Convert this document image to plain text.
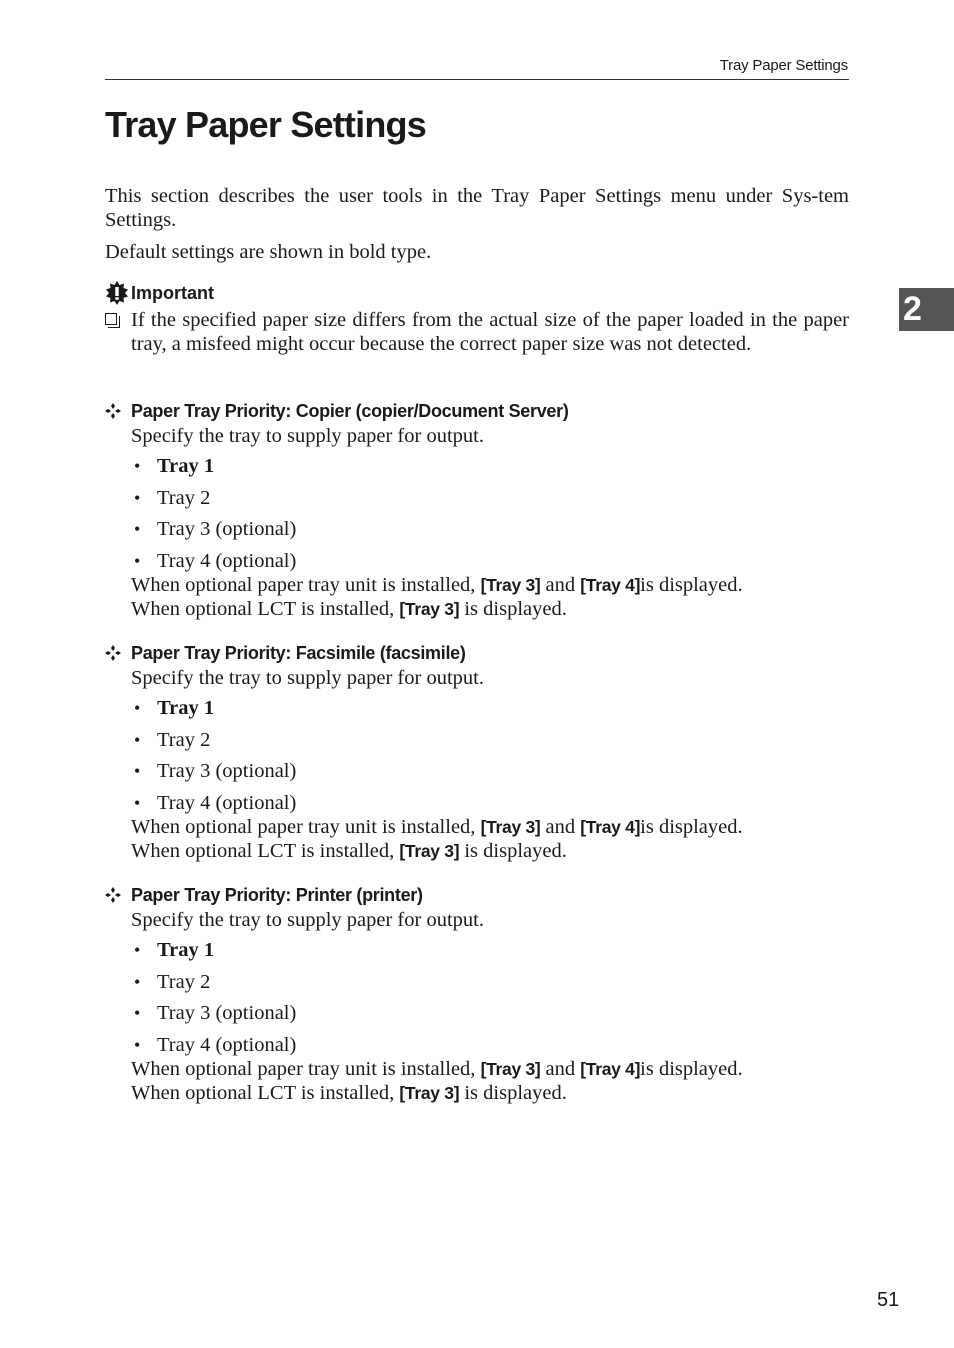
Tray Paper Settings
Tray Paper Settings

This section describes the user tools in the Tray Paper Settings menu under Sys-tem Settings.

Default settings are shown in bold type.

Important

If the specified paper size differs from the actual size of the paper loaded in the paper tray, a misfeed might occur because the correct paper size was not detected.

Paper Tray Priority: Copier (copier/Document Server)

Specify the tray to supply paper for output.

• Tray 1
• Tray 2
• Tray 3 (optional)
• Tray 4 (optional)

When optional paper tray unit is installed, [Tray 3] and [Tray 4]is displayed.

When optional LCT is installed, [Tray 3] is displayed.

Paper Tray Priority: Facsimile (facsimile)

Specify the tray to supply paper for output.

• Tray 1
• Tray 2
• Tray 3 (optional)
• Tray 4 (optional)

When optional paper tray unit is installed, [Tray 3] and [Tray 4]is displayed.

When optional LCT is installed, [Tray 3] is displayed.

Paper Tray Priority: Printer (printer)

Specify the tray to supply paper for output.

• Tray 1
• Tray 2
• Tray 3 (optional)
• Tray 4 (optional)

When optional paper tray unit is installed, [Tray 3] and [Tray 4]is displayed.

When optional LCT is installed, [Tray 3] is displayed.

2
51
